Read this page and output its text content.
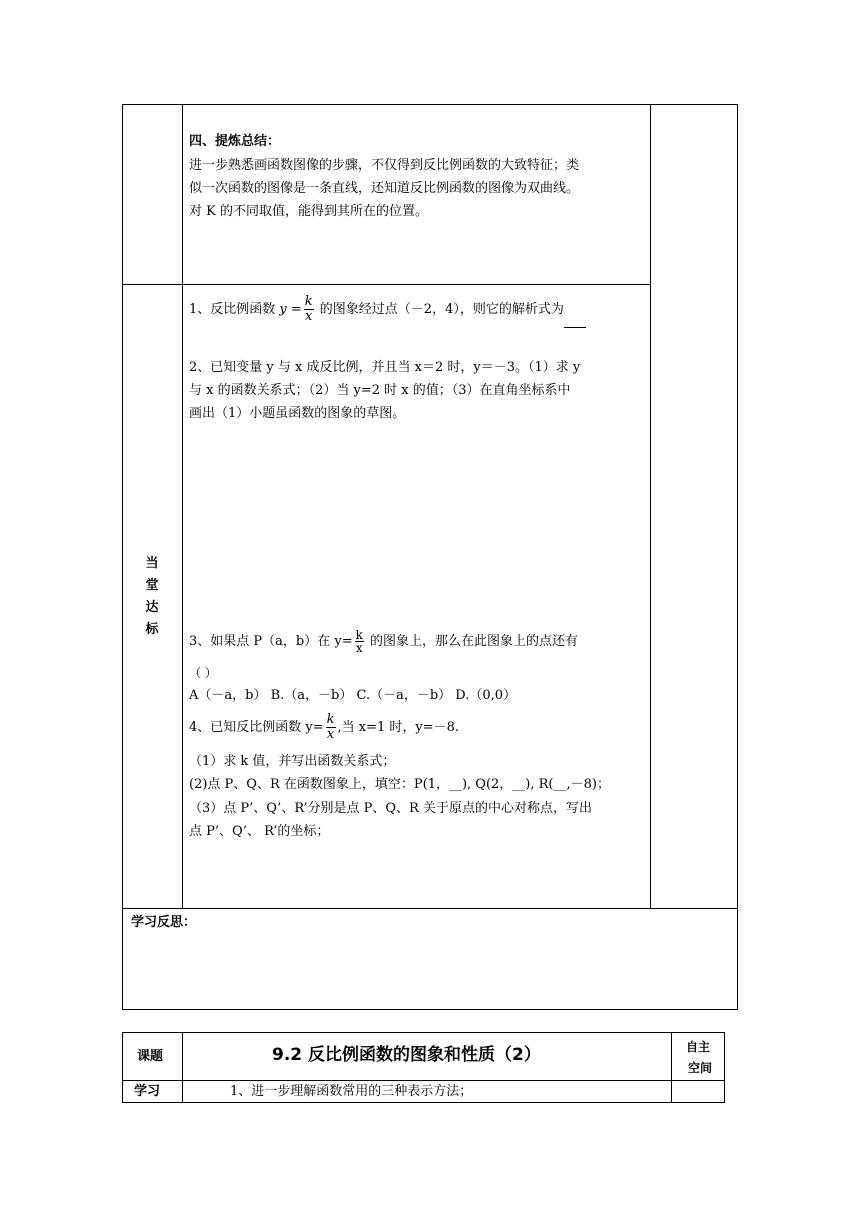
四、提炼总结：
进一步熟悉画函数图像的步骤，不仅得到反比例函数的大致特征；类
似一次函数的图像是一条直线，还知道反比例函数的图像为双曲线。
对 K 的不同取值，能得到其所在的位置。
当
堂
达
标
1、反比例函数 $y = \frac{k}{x}$ 的图象经过点（－2，4），则它的解析式为
2、已知变量 y 与 x 成反比例，并且当 x＝2 时，y＝－3。（1）求 y
与 x 的函数关系式；（2）当 y=2 时 x 的值；（3）在直角坐标系中
画出（1）小题虽函数的图象的草图。
3、如果点 P（a，b）在 $y= \frac{k}{x}$ 的图象上，那么在此图象上的点还有
（ ）
A（－a，b） B.（a，－b） C.（－a，－b） D.（0,0）
4、已知反比例函数 $y= \frac{k}{x}$ ,当 x=1 时，y=－8.
（1）求 k 值，并写出函数关系式；
(2)点 P、Q、R 在函数图象上，填空：P(1，__), Q(2，__), R(__,－8)；
（3）点 P’、Q’、R’分别是点 P、Q、R 关于原点的中心对称点，写出
点 P’、Q’、 R’的坐标；
学习反思：
课题	9.2 反比例函数的图象和性质（2）	自主
空间
学习	1、进一步理解函数常用的三种表示方法；
